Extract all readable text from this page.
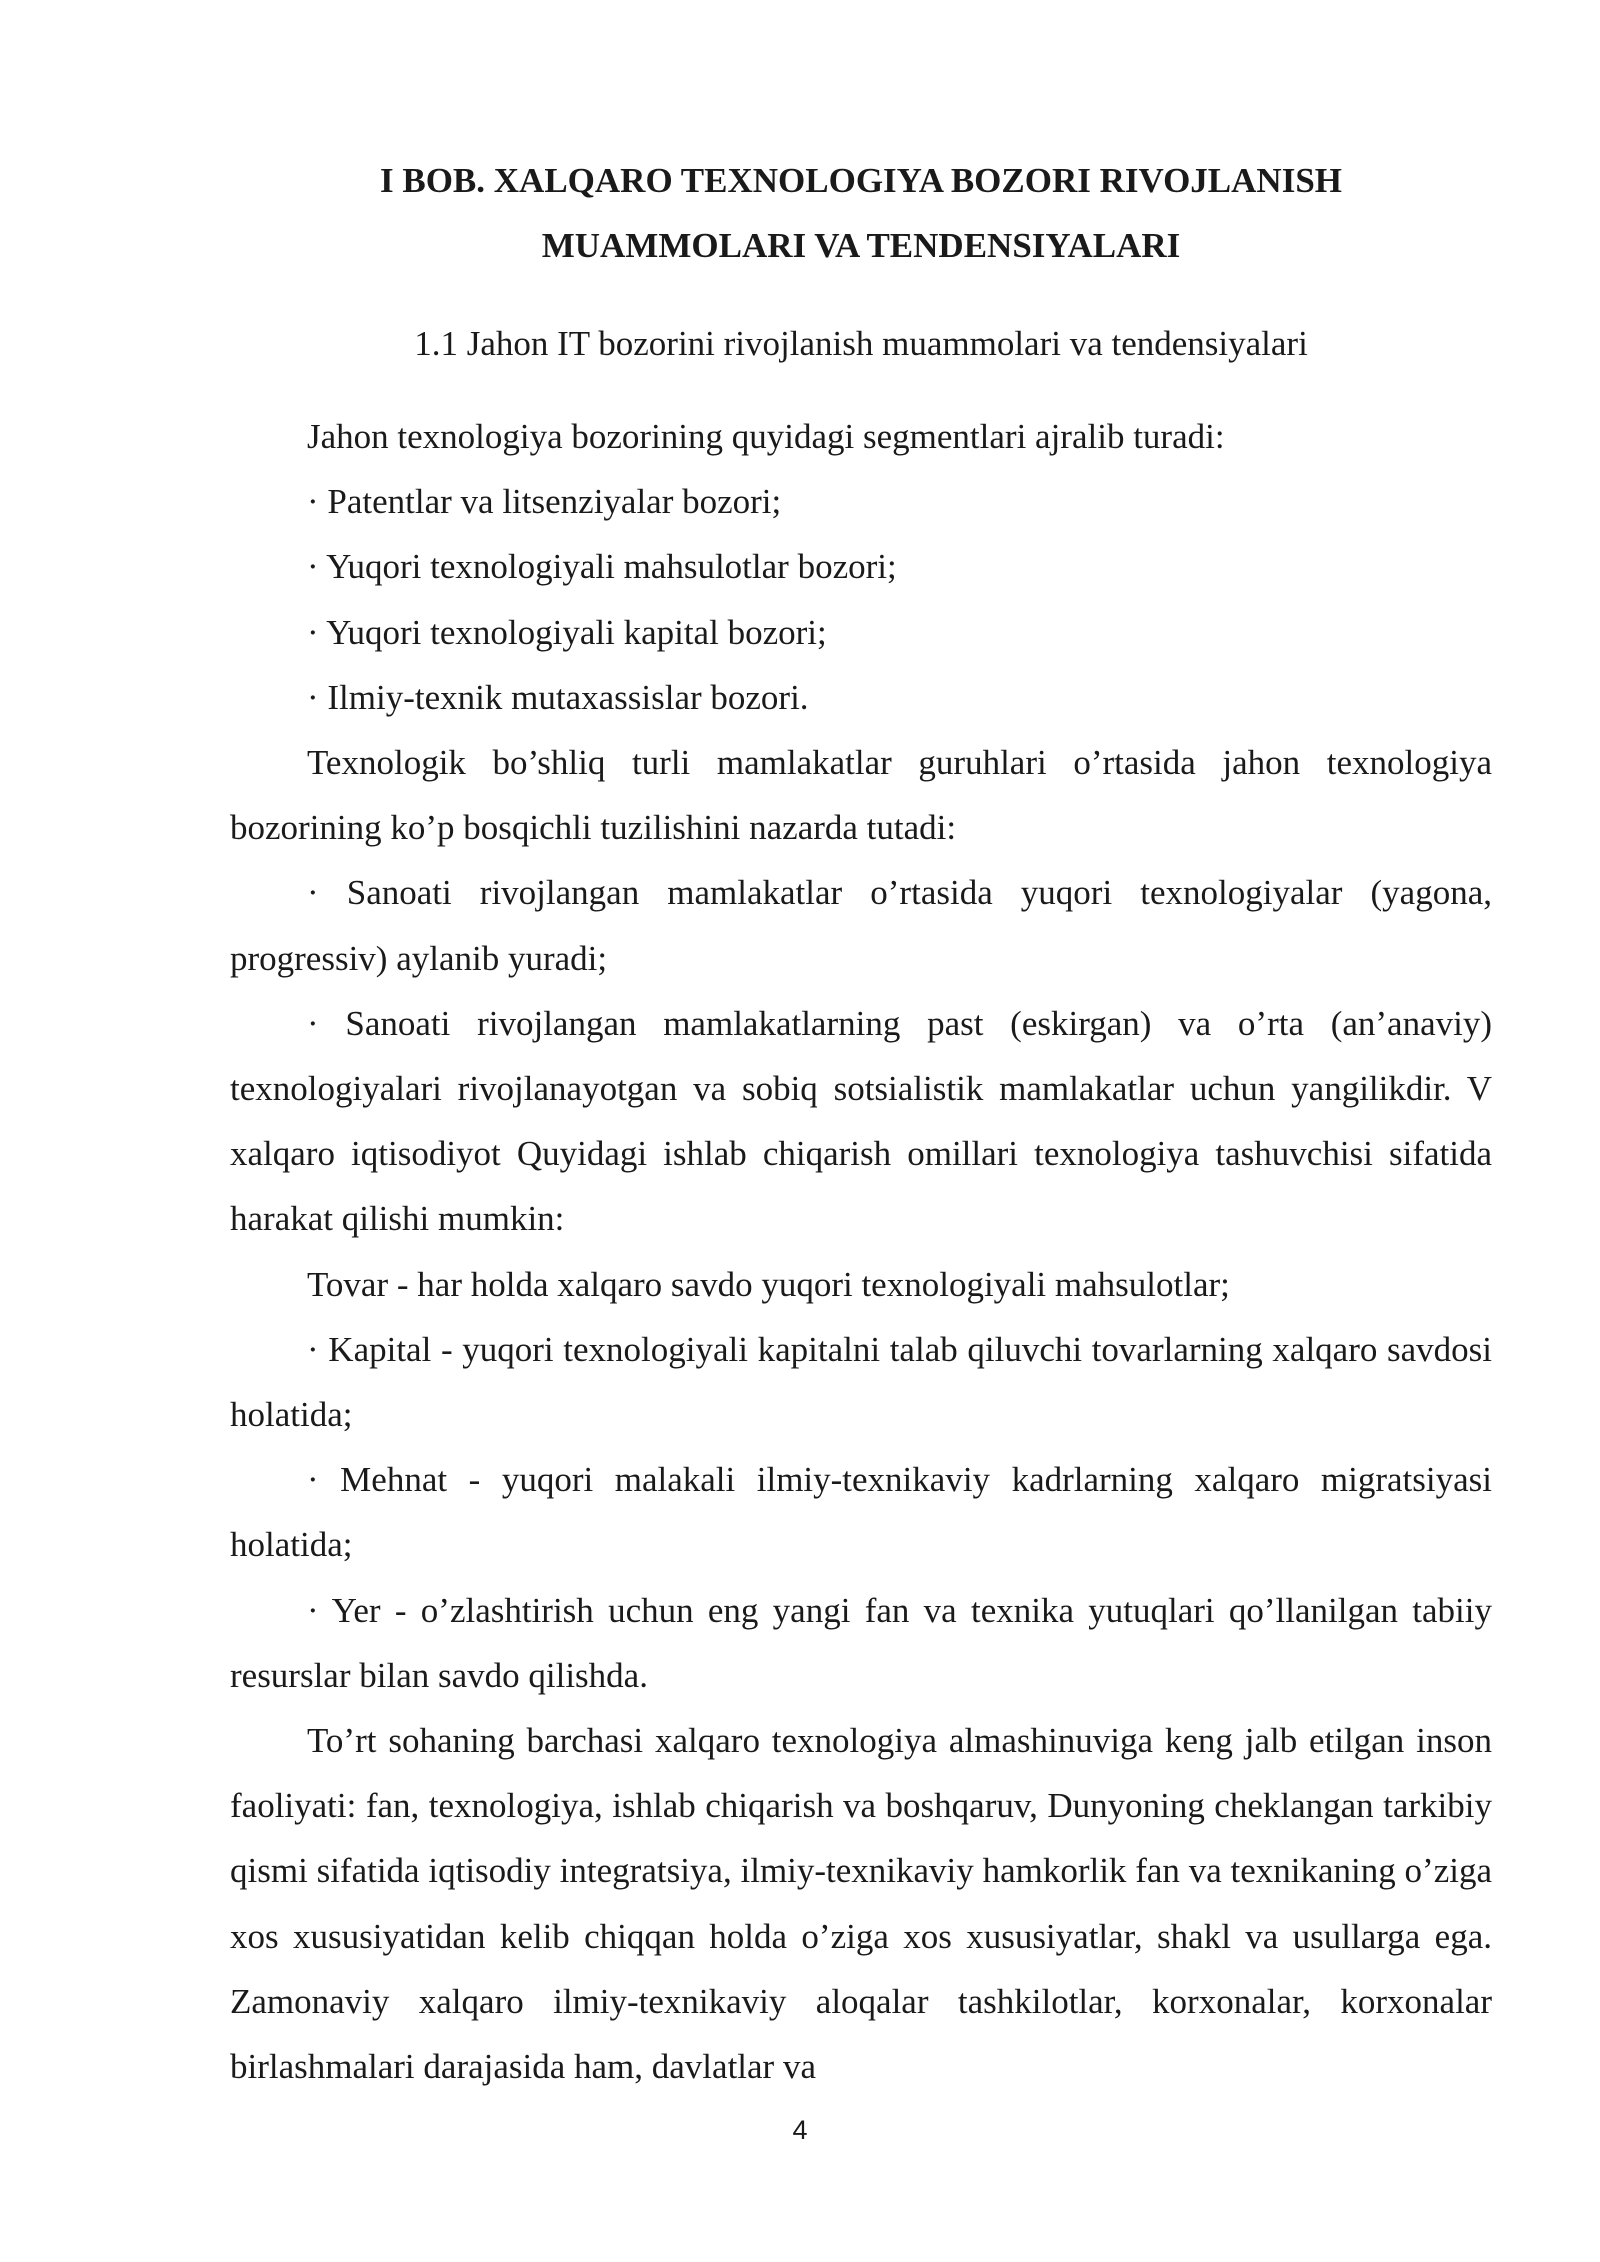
I BOB. XALQARO TEXNOLOGIYA BOZORI RIVOJLANISH
MUAMMOLARI VA TENDENSIYALARI
1.1 Jahon IT bozorini rivojlanish muammolari va tendensiyalari

Jahon texnologiya bozorining quyidagi segmentlari ajralib turadi:

· Patentlar va litsenziyalar bozori;

· Yuqori texnologiyali mahsulotlar bozori;

· Yuqori texnologiyali kapital bozori;

· Ilmiy-texnik mutaxassislar bozori.

Texnologik bo’shliq turli mamlakatlar guruhlari o’rtasida jahon texnologiya bozorining ko’p bosqichli tuzilishini nazarda tutadi:

· Sanoati rivojlangan mamlakatlar o’rtasida yuqori texnologiyalar (yagona, progressiv) aylanib yuradi;

· Sanoati rivojlangan mamlakatlarning past (eskirgan) va o’rta (an’anaviy) texnologiyalari rivojlanayotgan va sobiq sotsialistik mamlakatlar uchun yangilikdir. V xalqaro iqtisodiyot Quyidagi ishlab chiqarish omillari texnologiya tashuvchisi sifatida harakat qilishi mumkin:

Tovar - har holda xalqaro savdo yuqori texnologiyali mahsulotlar;

· Kapital - yuqori texnologiyali kapitalni talab qiluvchi tovarlarning xalqaro savdosi holatida;

· Mehnat - yuqori malakali ilmiy-texnikaviy kadrlarning xalqaro migratsiyasi holatida;

· Yer - o’zlashtirish uchun eng yangi fan va texnika yutuqlari qo’llanilgan tabiiy resurslar bilan savdo qilishda.

To’rt sohaning barchasi xalqaro texnologiya almashinuviga keng jalb etilgan inson faoliyati: fan, texnologiya, ishlab chiqarish va boshqaruv, Dunyoning cheklangan tarkibiy qismi sifatida iqtisodiy integratsiya, ilmiy-texnikaviy hamkorlik fan va texnikaning o’ziga xos xususiyatidan kelib chiqqan holda o’ziga xos xususiyatlar, shakl va usullarga ega. Zamonaviy xalqaro ilmiy-texnikaviy aloqalar tashkilotlar, korxonalar, korxonalar birlashmalari darajasida ham, davlatlar va

4
